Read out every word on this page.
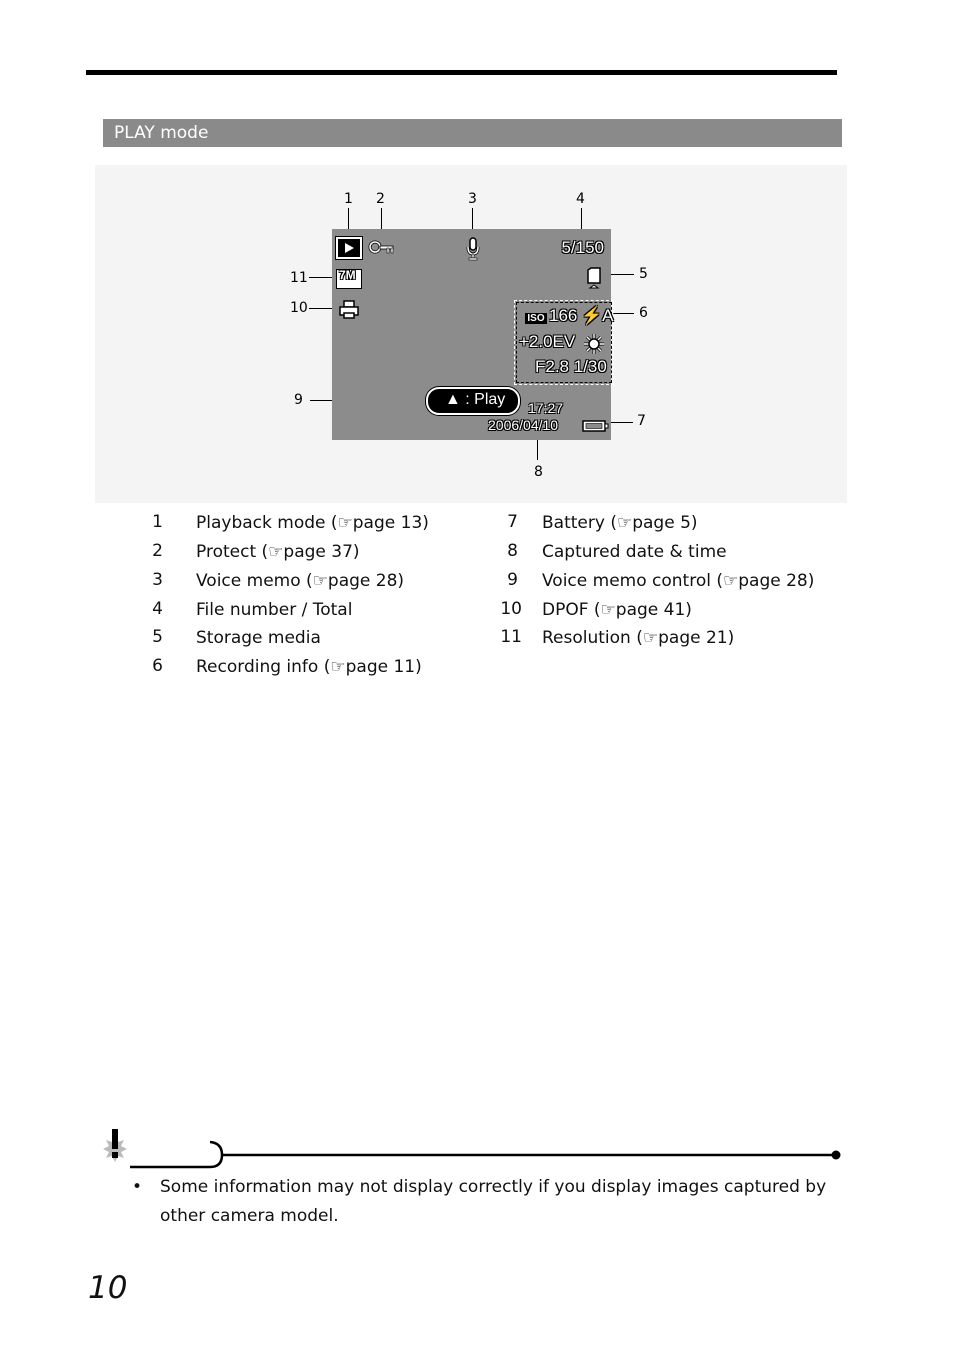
PLAY mode
1 2	3	4
5
6
7
8
9
10
11
5/150
7M
ISO 166 ⚡A
+2.0EV
F2.8 1/30
▲ : Play 17:27
2006/04/10
1 Playback mode (☞page 13)
2 Protect (☞page 37)
3 Voice memo (☞page 28)
4 File number / Total
5 Storage media
6 Recording info (☞page 11)
7 Battery (☞page 5)
8 Captured date & time
9 Voice memo control (☞page 28)
10 DPOF (☞page 41)
11 Resolution (☞page 21)
• Some information may not display correctly if you display images captured by other camera model.
10
